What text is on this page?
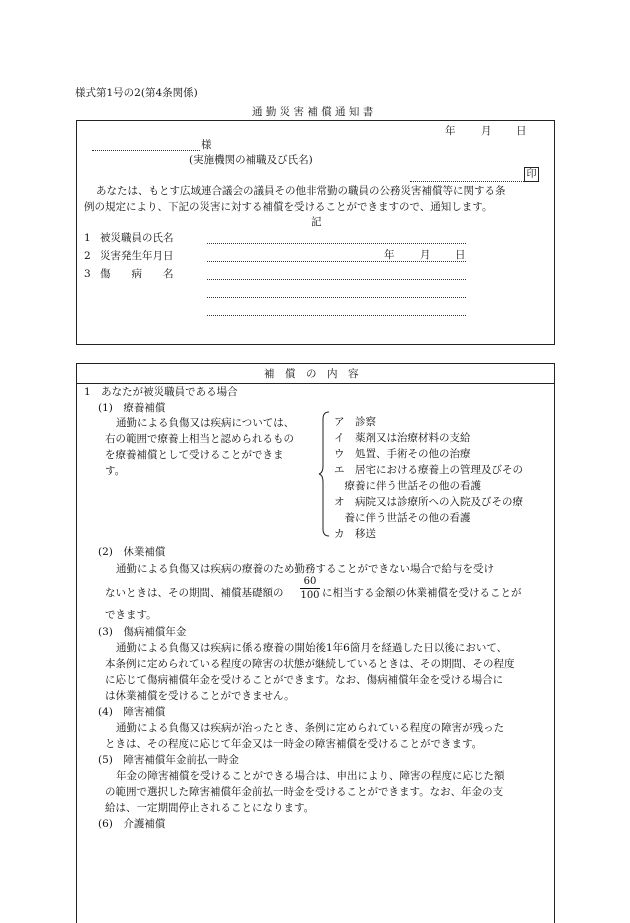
様式第1号の2(第4条関係)
通 勤 災 害 補 償 通 知 書
年 月 日
様
(実施機関の補職及び氏名)
印
あなたは、もとす広域連合議会の議員その他非常勤の職員の公務災害補償等に関する条
例の規定により、下記の災害に対する補償を受けることができますので、通知します。
記
1 被災職員の氏名
2 災害発生年月日	年 月 日
3 傷　　病　　名
補　償　の　内　容
1　あなたが被災職員である場合
(1)　療養補償
通勤による負傷又は疾病については、
右の範囲で療養上相当と認められるもの
を療養補償として受けることができま
す。
ア　診察
イ　薬剤又は治療材料の支給
ウ　処置、手術その他の治療
エ　居宅における療養上の管理及びその
　療養に伴う世話その他の看護
オ　病院又は診療所への入院及びその療
　養に伴う世話その他の看護
カ　移送
(2)　休業補償
通勤による負傷又は疾病の療養のため勤務することができない場合で給与を受け
ないときは、その期間、補償基礎額の
60
100 に相当する金額の休業補償を受けることが
できます。
(3)　傷病補償年金
通勤による負傷又は疾病に係る療養の開始後1年6箇月を経過した日以後において、
本条例に定められている程度の障害の状態が継続しているときは、その期間、その程度
に応じて傷病補償年金を受けることができます。なお、傷病補償年金を受ける場合に
は休業補償を受けることができません。
(4)　障害補償
通勤による負傷又は疾病が治ったとき、条例に定められている程度の障害が残った
ときは、その程度に応じて年金又は一時金の障害補償を受けることができます。
(5)　障害補償年金前払一時金
年金の障害補償を受けることができる場合は、申出により、障害の程度に応じた額
の範囲で選択した障害補償年金前払一時金を受けることができます。なお、年金の支
給は、一定期間停止されることになります。
(6)　介護補償
